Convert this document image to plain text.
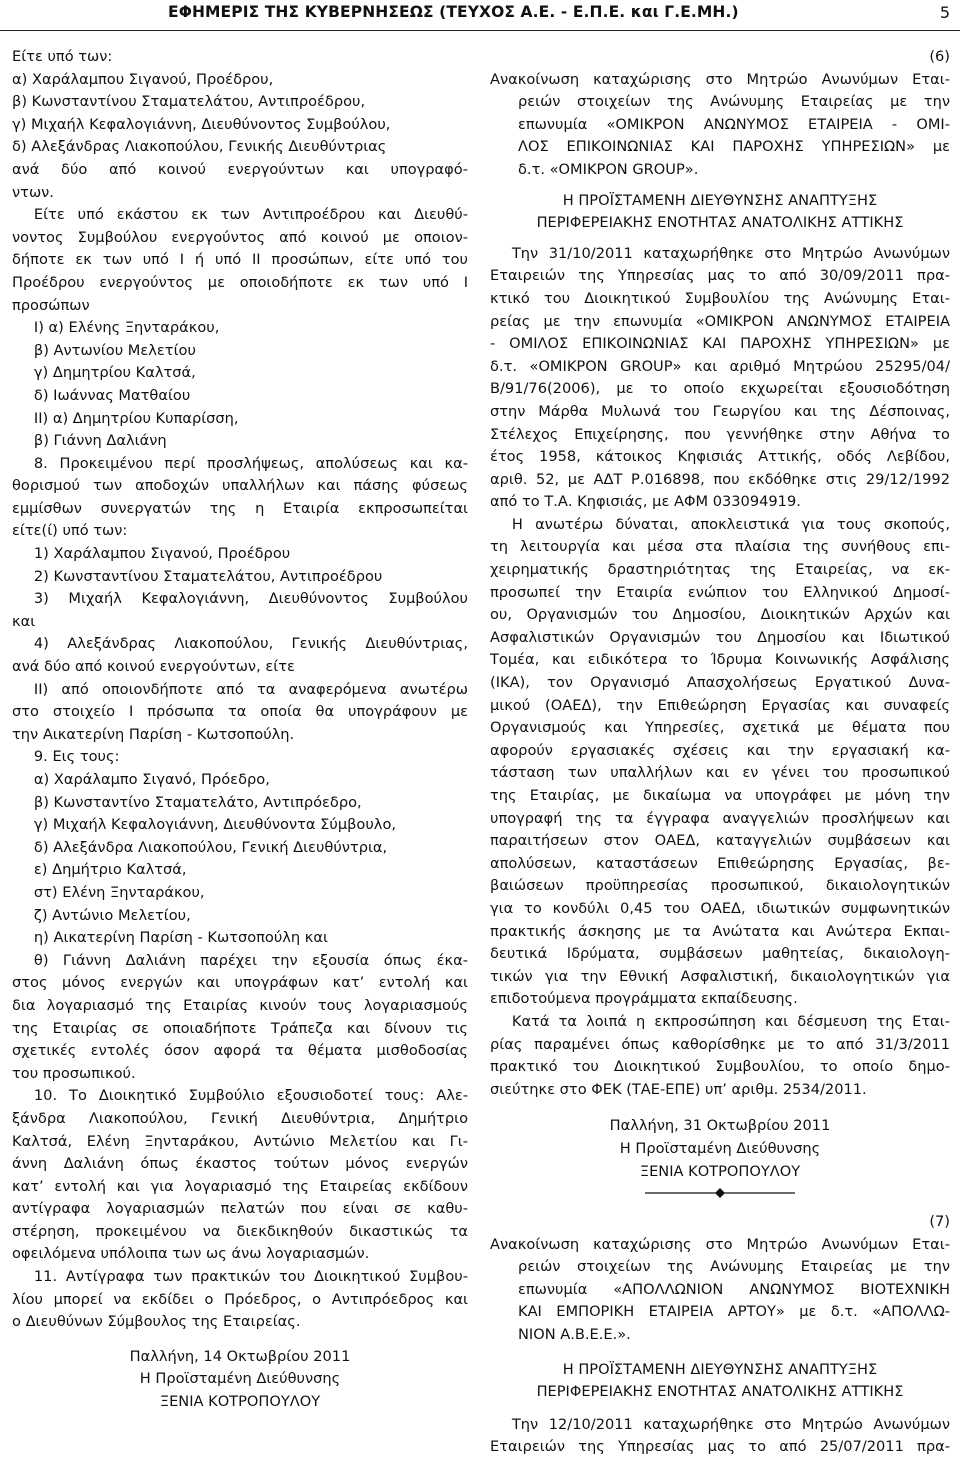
ΕΦΗΜΕΡΙΣ ΤΗΣ ΚΥΒΕΡΝΗΣΕΩΣ (ΤΕΥΧΟΣ Α.Ε. - Ε.Π.Ε. και Γ.Ε.ΜΗ.)	5

Είτε υπό των:

α) Χαράλαμπου Σιγανού, Προέδρου,

β) Κωνσταντίνου Σταματελάτου, Αντιπροέδρου,

γ) Μιχαήλ Κεφαλογιάννη, Διευθύνοντος Συμβούλου,

δ) Αλεξάνδρας Λιακοπούλου, Γενικής Διευθύντριας

ανά δύο από κοινού ενεργούντων και υπογραφό-

ντων.

Είτε υπό εκάστου εκ των Αντιπροέδρου και Διευθύ-

νοντος Συμβούλου ενεργούντος από κοινού με οποιον-

δήποτε εκ των υπό Ι ή υπό ΙΙ προσώπων, είτε υπό του

Προέδρου ενεργούντος με οποιοδήποτε εκ των υπό Ι

προσώπων

Ι) α) Ελένης Ξηνταράκου,

β) Αντωνίου Μελετίου

γ) Δημητρίου Καλτσά,

δ) Ιωάννας Ματθαίου

ΙΙ) α) Δημητρίου Κυπαρίσση,

β) Γιάννη Δαλιάνη

8. Προκειμένου περί προσλήψεως, απολύσεως και κα-

θορισμού των αποδοχών υπαλλήλων και πάσης φύσεως

εμμίσθων συνεργατών της η Εταιρία εκπροσωπείται

είτε(ί) υπό των:

1) Χαράλαμπου Σιγανού, Προέδρου

2) Κωνσταντίνου Σταματελάτου, Αντιπροέδρου

3) Μιχαήλ Κεφαλογιάννη, Διευθύνοντος Συμβούλου

και

4) Αλεξάνδρας Λιακοπούλου, Γενικής Διευθύντριας,

ανά δύο από κοινού ενεργούντων, είτε

ΙΙ) από οποιονδήποτε από τα αναφερόμενα ανωτέρω

στο στοιχείο Ι πρόσωπα τα οποία θα υπογράφουν με

την Αικατερίνη Παρίση - Κωτσοπούλη.

9. Εις τους:

α) Χαράλαμπο Σιγανό, Πρόεδρο,

β) Κωνσταντίνο Σταματελάτο, Αντιπρόεδρο,

γ) Μιχαήλ Κεφαλογιάννη, Διευθύνοντα Σύμβουλο,

δ) Αλεξάνδρα Λιακοπούλου, Γενική Διευθύντρια,

ε) Δημήτριο Καλτσά,

στ) Ελένη Ξηνταράκου,

ζ) Αντώνιο Μελετίου,

η) Αικατερίνη Παρίση - Κωτσοπούλη και

θ) Γιάννη Δαλιάνη παρέχει την εξουσία όπως έκα-

στος μόνος ενεργών και υπογράφων κατ’ εντολή και

δια λογαριασμό της Εταιρίας κινούν τους λογαριασμούς

της Εταιρίας σε οποιαδήποτε Τράπεζα και δίνουν τις

σχετικές εντολές όσον αφορά τα θέματα μισθοδοσίας

του προσωπικού.

10. Το Διοικητικό Συμβούλιο εξουσιοδοτεί τους: Αλε-

ξάνδρα Λιακοπούλου, Γενική Διευθύντρια, Δημήτριο

Καλτσά, Ελένη Ξηνταράκου, Αντώνιο Μελετίου και Γι-

άννη Δαλιάνη όπως έκαστος τούτων μόνος ενεργών

κατ’ εντολή και για λογαριασμό της Εταιρείας εκδίδουν

αντίγραφα λογαριασμών πελατών που είναι σε καθυ-

στέρηση, προκειμένου να διεκδικηθούν δικαστικώς τα

οφειλόμενα υπόλοιπα των ως άνω λογαριασμών.

11. Αντίγραφα των πρακτικών του Διοικητικού Συμβου-

λίου μπορεί να εκδίδει ο Πρόεδρος, ο Αντιπρόεδρος και

ο Διευθύνων Σύμβουλος της Εταιρείας.

Παλλήνη, 14 Οκτωβρίου 2011

Η Προϊσταμένη Διεύθυνσης

ΞΕΝΙΑ ΚΟΤΡΟΠΟΥΛΟΥ

(6)

Ανακοίνωση καταχώρισης στο Μητρώο Ανωνύμων Εται-

ρειών στοιχείων της Ανώνυμης Εταιρείας με την

επωνυμία «ΟΜΙΚΡΟΝ ΑΝΩΝΥΜΟΣ ΕΤΑΙΡΕΙΑ - ΟΜΙ-

ΛΟΣ ΕΠΙΚΟΙΝΩΝΙΑΣ ΚΑΙ ΠΑΡΟΧΗΣ ΥΠΗΡΕΣΙΩΝ» με

δ.τ. «ΟΜΙΚΡΟΝ GROUP».

Η ΠΡΟΪΣΤΑΜΕΝΗ ΔΙΕΥΘΥΝΣΗΣ ΑΝΑΠΤΥΞΗΣ

ΠΕΡΙΦΕΡΕΙΑΚΗΣ ΕΝΟΤΗΤΑΣ ΑΝΑΤΟΛΙΚΗΣ ΑΤΤΙΚΗΣ

Την 31/10/2011 καταχωρήθηκε στο Μητρώο Ανωνύμων

Εταιρειών της Υπηρεσίας μας το από 30/09/2011 πρα-

κτικό του Διοικητικού Συμβουλίου της Ανώνυμης Εται-

ρείας με την επωνυμία «ΟΜΙΚΡΟΝ ΑΝΩΝΥΜΟΣ ΕΤΑΙΡΕΙΑ

- ΟΜΙΛΟΣ ΕΠΙΚΟΙΝΩΝΙΑΣ ΚΑΙ ΠΑΡΟΧΗΣ ΥΠΗΡΕΣΙΩΝ» με

δ.τ. «ΟΜΙΚΡΟΝ GROUP» και αριθμό Μητρώου 25295/04/

Β/91/76(2006), με το οποίο εκχωρείται εξουσιοδότηση

στην Μάρθα Μυλωνά του Γεωργίου και της Δέσποινας,

Στέλεχος Επιχείρησης, που γεννήθηκε στην Αθήνα το

έτος 1958, κάτοικος Κηφισιάς Αττικής, οδός Λεβίδου,

αριθ. 52, με ΑΔΤ Ρ.016898, που εκδόθηκε στις 29/12/1992

από το Τ.Α. Κηφισιάς, με ΑΦΜ 033094919.

Η ανωτέρω δύναται, αποκλειστικά για τους σκοπούς,

τη λειτουργία και μέσα στα πλαίσια της συνήθους επι-

χειρηματικής δραστηριότητας της Εταιρείας, να εκ-

προσωπεί την Εταιρία ενώπιον του Ελληνικού Δημοσί-

ου, Οργανισμών του Δημοσίου, Διοικητικών Αρχών και

Ασφαλιστικών Οργανισμών του Δημοσίου και Ιδιωτικού

Τομέα, και ειδικότερα το Ίδρυμα Κοινωνικής Ασφάλισης

(ΙΚΑ), τον Οργανισμό Απασχολήσεως Εργατικού Δυνα-

μικού (ΟΑΕΔ), την Επιθεώρηση Εργασίας και συναφείς

Οργανισμούς και Υπηρεσίες, σχετικά με θέματα που

αφορούν εργασιακές σχέσεις και την εργασιακή κα-

τάσταση των υπαλλήλων και εν γένει του προσωπικού

της Εταιρίας, με δικαίωμα να υπογράφει με μόνη την

υπογραφή της τα έγγραφα αναγγελιών προσλήψεων και

παραιτήσεων στον ΟΑΕΔ, καταγγελιών συμβάσεων και

απολύσεων, καταστάσεων Επιθεώρησης Εργασίας, βε-

βαιώσεων προϋπηρεσίας προσωπικού, δικαιολογητικών

για το κονδύλι 0,45 του ΟΑΕΔ, ιδιωτικών συμφωνητικών

πρακτικής άσκησης με τα Ανώτατα και Ανώτερα Εκπαι-

δευτικά Ιδρύματα, συμβάσεων μαθητείας, δικαιολογη-

τικών για την Εθνική Ασφαλιστική, δικαιολογητικών για

επιδοτούμενα προγράμματα εκπαίδευσης.

Κατά τα λοιπά η εκπροσώπηση και δέσμευση της Εται-

ρίας παραμένει όπως καθορίσθηκε με το από 31/3/2011

πρακτικό του Διοικητικού Συμβουλίου, το οποίο δημο-

σιεύτηκε στο ΦΕΚ (ΤΑΕ-ΕΠΕ) υπ’ αριθμ. 2534/2011.

Παλλήνη, 31 Οκτωβρίου 2011

Η Προϊσταμένη Διεύθυνσης

ΞΕΝΙΑ ΚΟΤΡΟΠΟΥΛΟΥ

(7)

Ανακοίνωση καταχώρισης στο Μητρώο Ανωνύμων Εται-

ρειών στοιχείων της Ανώνυμης Εταιρείας με την

επωνυμία «ΑΠΟΛΛΩΝΙΟΝ ΑΝΩΝΥΜΟΣ ΒΙΟΤΕΧΝΙΚΗ

ΚΑΙ ΕΜΠΟΡΙΚΗ ΕΤΑΙΡΕΙΑ ΑΡΤΟΥ» με δ.τ. «ΑΠΟΛΛΩ-

ΝΙΟΝ Α.Β.Ε.Ε.».

Η ΠΡΟΪΣΤΑΜΕΝΗ ΔΙΕΥΘΥΝΣΗΣ ΑΝΑΠΤΥΞΗΣ

ΠΕΡΙΦΕΡΕΙΑΚΗΣ ΕΝΟΤΗΤΑΣ ΑΝΑΤΟΛΙΚΗΣ ΑΤΤΙΚΗΣ

Την 12/10/2011 καταχωρήθηκε στο Μητρώο Ανωνύμων

Εταιρειών της Υπηρεσίας μας το από 25/07/2011 πρα-
